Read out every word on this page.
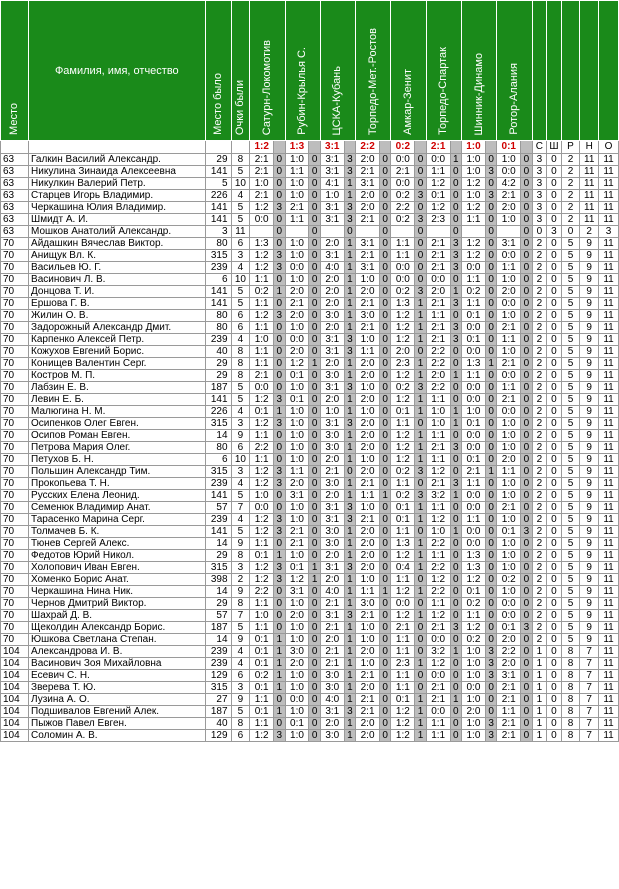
Место	Фамилия, имя, отчество	Место было	Очки были	Сатурн-Локомотив		Рубин-Крылья С.		ЦСКА-Кубань		Торпедо-Мет.-Ростов		Амкар-Зенит		Торпедо-Спартак		Шинник-Динамо		Ротор-Алания						
				1:2		1:3		3:1		2:2		0:2		2:1		1:0		0:1		С	Ш	Р	Н	О
63	Галкин Василий Александр.	29	8	2:1	0	1:0	0	3:1	3	2:0	0	0:0	0	0:0	1	1:0	0	1:0	0	3	0	2	11	11
63	Никулина Зинаида Алексеевна	141	5	2:1	0	1:1	0	3:1	3	2:1	0	2:1	0	1:1	0	1:0	3	0:0	0	3	0	2	11	11
63	Никулкин Валерий Петр.	5	10	1:0	0	1:0	0	4:1	1	3:1	0	0:0	0	1:2	0	1:2	0	4:2	0	3	0	2	11	11
63	Старцев Игорь Владимир.	226	4	2:1	0	1:0	0	1:0	1	2:0	0	0:2	3	0:1	0	1:0	3	2:1	0	3	0	2	11	11
63	Черкашина Юлия Владимир.	141	5	1:2	3	2:1	0	3:1	3	2:0	0	2:2	0	1:2	0	1:2	0	2:0	0	3	0	2	11	11
63	Шмидт А. И.	141	5	0:0	0	1:1	0	3:1	3	2:1	0	0:2	3	2:3	0	1:1	0	1:0	0	3	0	2	11	11
63	Мошков Анатолий Александр.	3	11		0		0		0		0		0		0		0		0	0	3	0	2	3
70	Айдашкин Вячеслав Виктор.	80	6	1:3	0	1:0	0	2:0	1	3:1	0	1:1	0	2:1	3	1:2	0	3:1	0	2	0	5	9	11
70	Анищук Вл. К.	315	3	1:2	3	1:0	0	3:1	1	2:1	0	1:1	0	2:1	3	1:2	0	0:0	0	2	0	5	9	11
70	Васильев Ю. Г.	239	4	1:2	3	0:0	0	4:0	1	3:1	0	0:0	0	2:1	3	0:0	0	1:1	0	2	0	5	9	11
70	Васинович Л. В.	6	10	1:1	0	1:0	0	2:0	1	1:0	0	0:0	0	0:0	0	1:1	0	1:0	0	2	0	5	9	11
70	Донцова Т. И.	141	5	0:2	1	2:0	0	2:0	1	2:0	0	0:2	3	2:0	1	0:2	0	2:0	0	2	0	5	9	11
70	Ершова Г. В.	141	5	1:1	0	2:1	0	2:0	1	2:1	0	1:3	1	2:1	3	1:1	0	0:0	0	2	0	5	9	11
70	Жилин О. В.	80	6	1:2	3	2:0	0	3:0	1	3:0	0	1:2	1	1:1	0	0:1	0	1:0	0	2	0	5	9	11
70	Задорожный Александр Дмит.	80	6	1:1	0	1:0	0	2:0	1	2:1	0	1:2	1	2:1	3	0:0	0	2:1	0	2	0	5	9	11
70	Карпенко Алексей Петр.	239	4	1:0	0	0:0	0	3:1	3	1:0	0	1:2	1	2:1	3	0:1	0	1:1	0	2	0	5	9	11
70	Кожухов Евгений Борис.	40	8	1:1	0	2:0	0	3:1	3	1:1	0	2:0	0	2:2	0	0:0	0	1:0	0	2	0	5	9	11
70	Конищев Валентин Серг.	29	8	1:1	0	1:2	1	2:0	1	2:0	0	2:3	1	2:2	0	1:3	1	2:1	0	2	0	5	9	11
70	Костров М. П.	29	8	2:1	0	0:1	0	3:0	1	2:0	0	1:2	1	2:0	1	1:1	0	0:0	0	2	0	5	9	11
70	Лабзин Е. В.	187	5	0:0	0	1:0	0	3:1	3	1:0	0	0:2	3	2:2	0	0:0	0	1:1	0	2	0	5	9	11
70	Левин Е. Б.	141	5	1:2	3	0:1	0	2:0	1	2:0	0	1:2	1	1:1	0	0:0	0	2:1	0	2	0	5	9	11
70	Малюгина Н. М.	226	4	0:1	1	1:0	0	1:0	1	1:0	0	0:1	1	1:0	1	1:0	0	0:0	0	2	0	5	9	11
70	Осипенков Олег Евген.	315	3	1:2	3	1:0	0	3:1	3	2:0	0	1:1	0	1:0	1	0:1	0	1:0	0	2	0	5	9	11
70	Осипов Роман Евген.	14	9	1:1	0	1:0	0	3:0	1	2:0	0	1:2	1	1:1	0	0:0	0	1:0	0	2	0	5	9	11
70	Петрова Мария Олег.	80	6	2:2	0	1:0	0	3:0	1	2:0	0	1:2	1	2:1	3	0:0	0	1:0	0	2	0	5	9	11
70	Петухов Б. Н.	6	10	1:1	0	1:0	0	2:0	1	1:0	0	1:2	1	1:1	0	0:1	0	2:0	0	2	0	5	9	11
70	Польшин Александр Тим.	315	3	1:2	3	1:1	0	2:1	0	2:0	0	0:2	3	1:2	0	2:1	1	1:1	0	2	0	5	9	11
70	Прокопьева Т. Н.	239	4	1:2	3	2:0	0	3:0	1	2:1	0	1:1	0	2:1	3	1:1	0	1:0	0	2	0	5	9	11
70	Русских Елена Леонид.	141	5	1:0	0	3:1	0	2:0	1	1:1	1	0:2	3	3:2	1	0:0	0	1:0	0	2	0	5	9	11
70	Семенюк Владимир Анат.	57	7	0:0	0	1:0	0	3:1	3	1:0	0	0:1	1	1:1	0	0:0	0	2:1	0	2	0	5	9	11
70	Тарасенко Марина Серг.	239	4	1:2	3	1:0	0	3:1	3	2:1	0	0:1	1	1:2	0	1:1	0	1:0	0	2	0	5	9	11
70	Толмачев Б. К.	141	5	1:2	3	2:1	0	3:0	1	2:0	0	1:1	0	1:0	1	0:0	0	0:1	3	2	0	5	9	11
70	Тюнев Сергей Алекс.	14	9	1:1	0	2:1	0	3:0	1	2:0	0	1:3	1	2:2	0	0:0	0	1:0	0	2	0	5	9	11
70	Федотов Юрий Никол.	29	8	0:1	1	1:0	0	2:0	1	2:0	0	1:2	1	1:1	0	1:3	0	1:0	0	2	0	5	9	11
70	Холопович Иван Евген.	315	3	1:2	3	0:1	1	3:1	3	2:0	0	0:4	1	2:2	0	1:3	0	1:0	0	2	0	5	9	11
70	Хоменко Борис Анат.	398	2	1:2	3	1:2	1	2:0	1	1:0	0	1:1	0	1:2	0	1:2	0	0:2	0	2	0	5	9	11
70	Черкашина Нина Ник.	14	9	2:2	0	3:1	0	4:0	1	1:1	1	1:2	1	2:2	0	0:1	0	1:0	0	2	0	5	9	11
70	Чернов Дмитрий Виктор.	29	8	1:1	0	1:0	0	2:1	1	3:0	0	0:0	0	1:1	0	0:2	0	0:0	0	2	0	5	9	11
70	Шахрай Д. В.	57	7	1:0	0	2:0	0	3:1	3	2:1	0	1:2	1	1:2	0	1:1	0	0:0	0	2	0	5	9	11
70	Щеколдин Александр Борис.	187	5	1:1	0	1:0	0	2:1	1	1:0	0	2:1	0	2:1	3	1:2	0	0:1	3	2	0	5	9	11
70	Юшкова Светлана Степан.	14	9	0:1	1	1:0	0	2:0	1	1:0	0	1:1	0	0:0	0	0:2	0	2:0	0	2	0	5	9	11
104	Александрова И. В.	239	4	0:1	1	3:0	0	2:1	1	2:0	0	1:1	0	3:2	1	1:0	3	2:2	0	1	0	8	7	11
104	Васинович Зоя Михайловна	239	4	0:1	1	2:0	0	2:1	1	1:0	0	2:3	1	1:2	0	1:0	3	2:0	0	1	0	8	7	11
104	Есевич С. Н.	129	6	0:2	1	1:0	0	3:0	1	2:1	0	1:1	0	0:0	0	1:0	3	3:1	0	1	0	8	7	11
104	Зверева Т. Ю.	315	3	0:1	1	1:0	0	3:0	1	2:0	0	1:1	0	2:1	0	0:0	0	2:1	0	1	0	8	7	11
104	Лузина А. О.	27	9	1:1	0	0:0	0	4:0	1	2:1	0	0:1	1	2:1	1	1:0	0	2:1	0	1	0	8	7	11
104	Подшивалов Евгений Алек.	187	5	0:1	1	1:0	0	3:1	3	2:1	0	1:2	1	0:0	0	2:0	0	1:1	0	1	0	8	7	11
104	Пыжов Павел Евген.	40	8	1:1	0	0:1	0	2:0	1	2:0	0	1:2	1	1:1	0	1:0	3	2:1	0	1	0	8	7	11
104	Соломин А. В.	129	6	1:2	3	1:0	0	3:0	1	2:0	0	1:2	1	1:1	0	1:0	3	2:1	0	1	0	8	7	11
